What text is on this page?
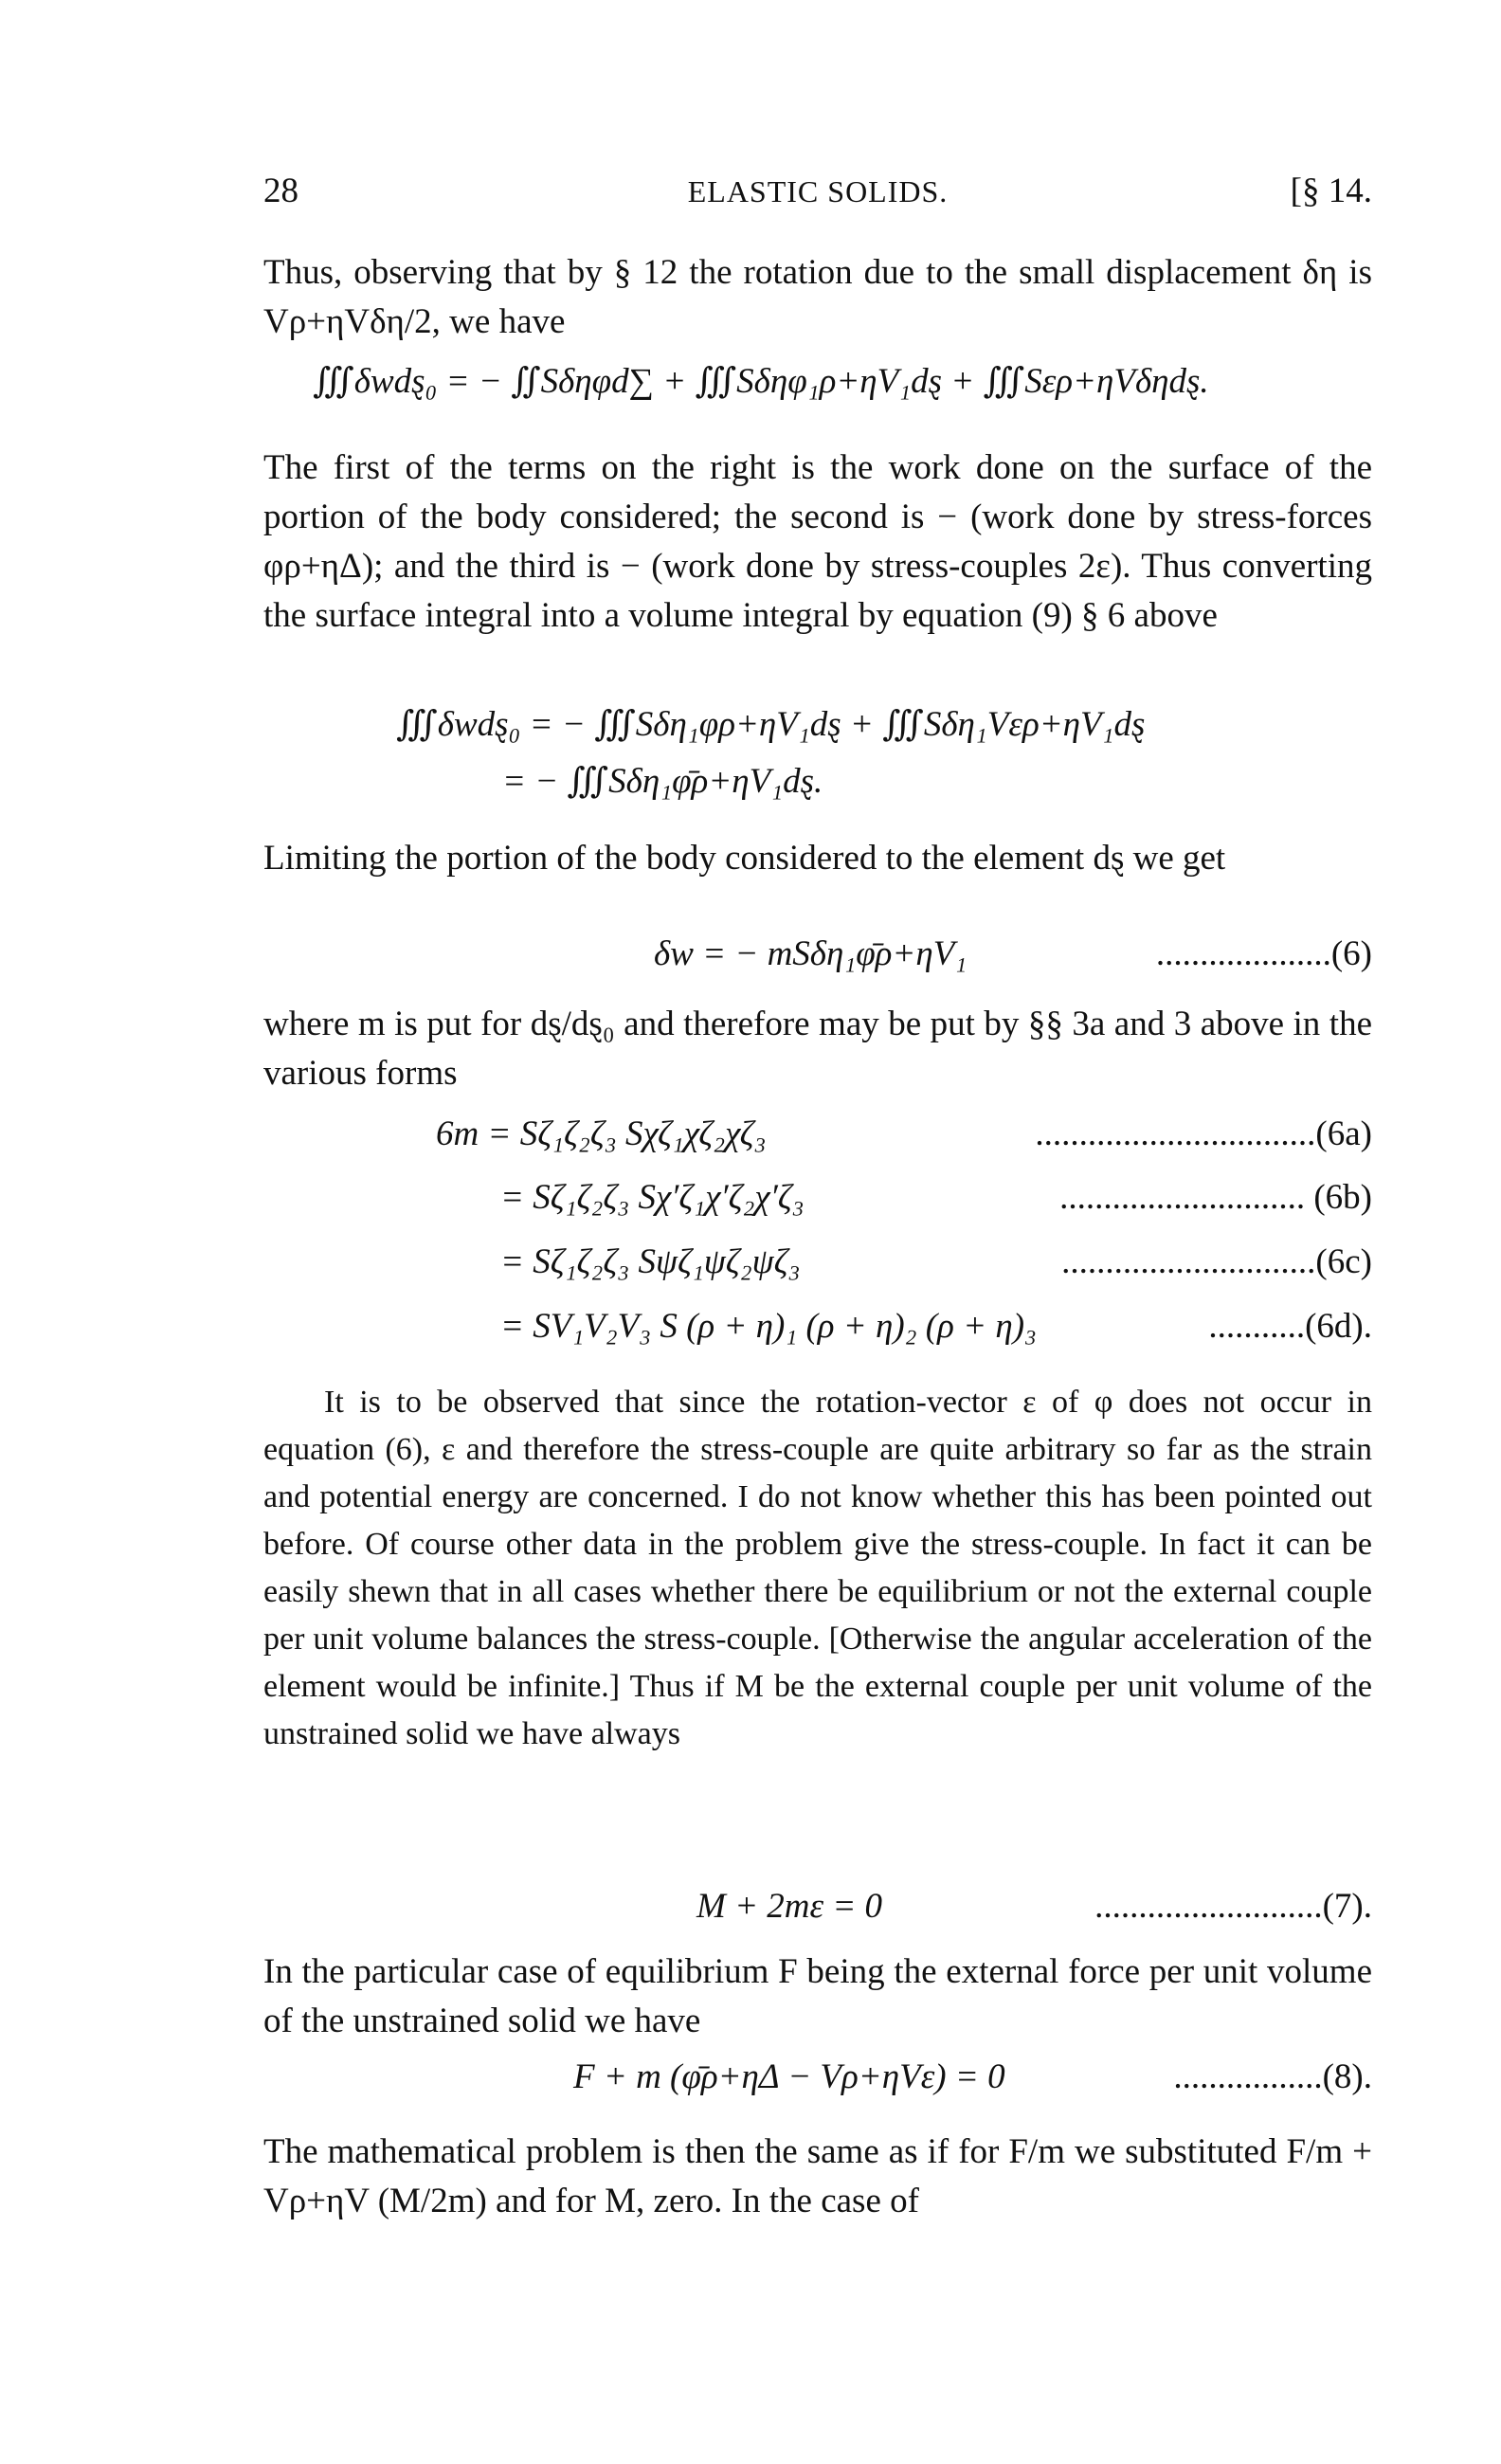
28	ELASTIC SOLIDS.	[§ 14.

Thus, observing that by § 12 the rotation due to the small displacement δη is Vρ+ηVδη/2, we have

∭δwdȿ₀ = − ∬Sδηφd∑ + ∭Sδηφ₁ρ+ηV₁dȿ + ∭Sερ+ηVδηdȿ.

The first of the terms on the right is the work done on the surface of the portion of the body considered; the second is − (work done by stress-forces φρ+ηΔ); and the third is − (work done by stress-couples 2ε). Thus converting the surface integral into a volume integral by equation (9) § 6 above

∭δwdȿ₀ = − ∭Sδη₁φρ+ηV₁dȿ + ∭Sδη₁Vερ+ηV₁dȿ
= − ∭Sδη₁φ̄ρ+ηV₁dȿ.

Limiting the portion of the body considered to the element dȿ we get

δw = − mSδη₁φ̄ρ+ηV₁	....................(6)

where m is put for dȿ/dȿ₀ and therefore may be put by §§ 3a and 3 above in the various forms

6m = Sζ₁ζ₂ζ₃ Sχζ₁χζ₂χζ₃	................................(6a)
= Sζ₁ζ₂ζ₃ Sχ′ζ₁χ′ζ₂χ′ζ₃	............................ (6b)
= Sζ₁ζ₂ζ₃ Sψζ₁ψζ₂ψζ₃	.............................(6c)
= SV₁V₂V₃ S (ρ + η)₁ (ρ + η)₂ (ρ + η)₃	...........(6d).

It is to be observed that since the rotation-vector ε of φ does not occur in equation (6), ε and therefore the stress-couple are quite arbitrary so far as the strain and potential energy are concerned. I do not know whether this has been pointed out before. Of course other data in the problem give the stress-couple. In fact it can be easily shewn that in all cases whether there be equilibrium or not the external couple per unit volume balances the stress-couple. [Otherwise the angular acceleration of the element would be infinite.] Thus if M be the external couple per unit volume of the unstrained solid we have always

M + 2mε = 0	..........................(7).

In the particular case of equilibrium F being the external force per unit volume of the unstrained solid we have

F + m (φ̄ρ+ηΔ − Vρ+ηVε) = 0	.................(8).

The mathematical problem is then the same as if for F/m we substituted F/m + Vρ+ηV (M/2m) and for M, zero. In the case of
